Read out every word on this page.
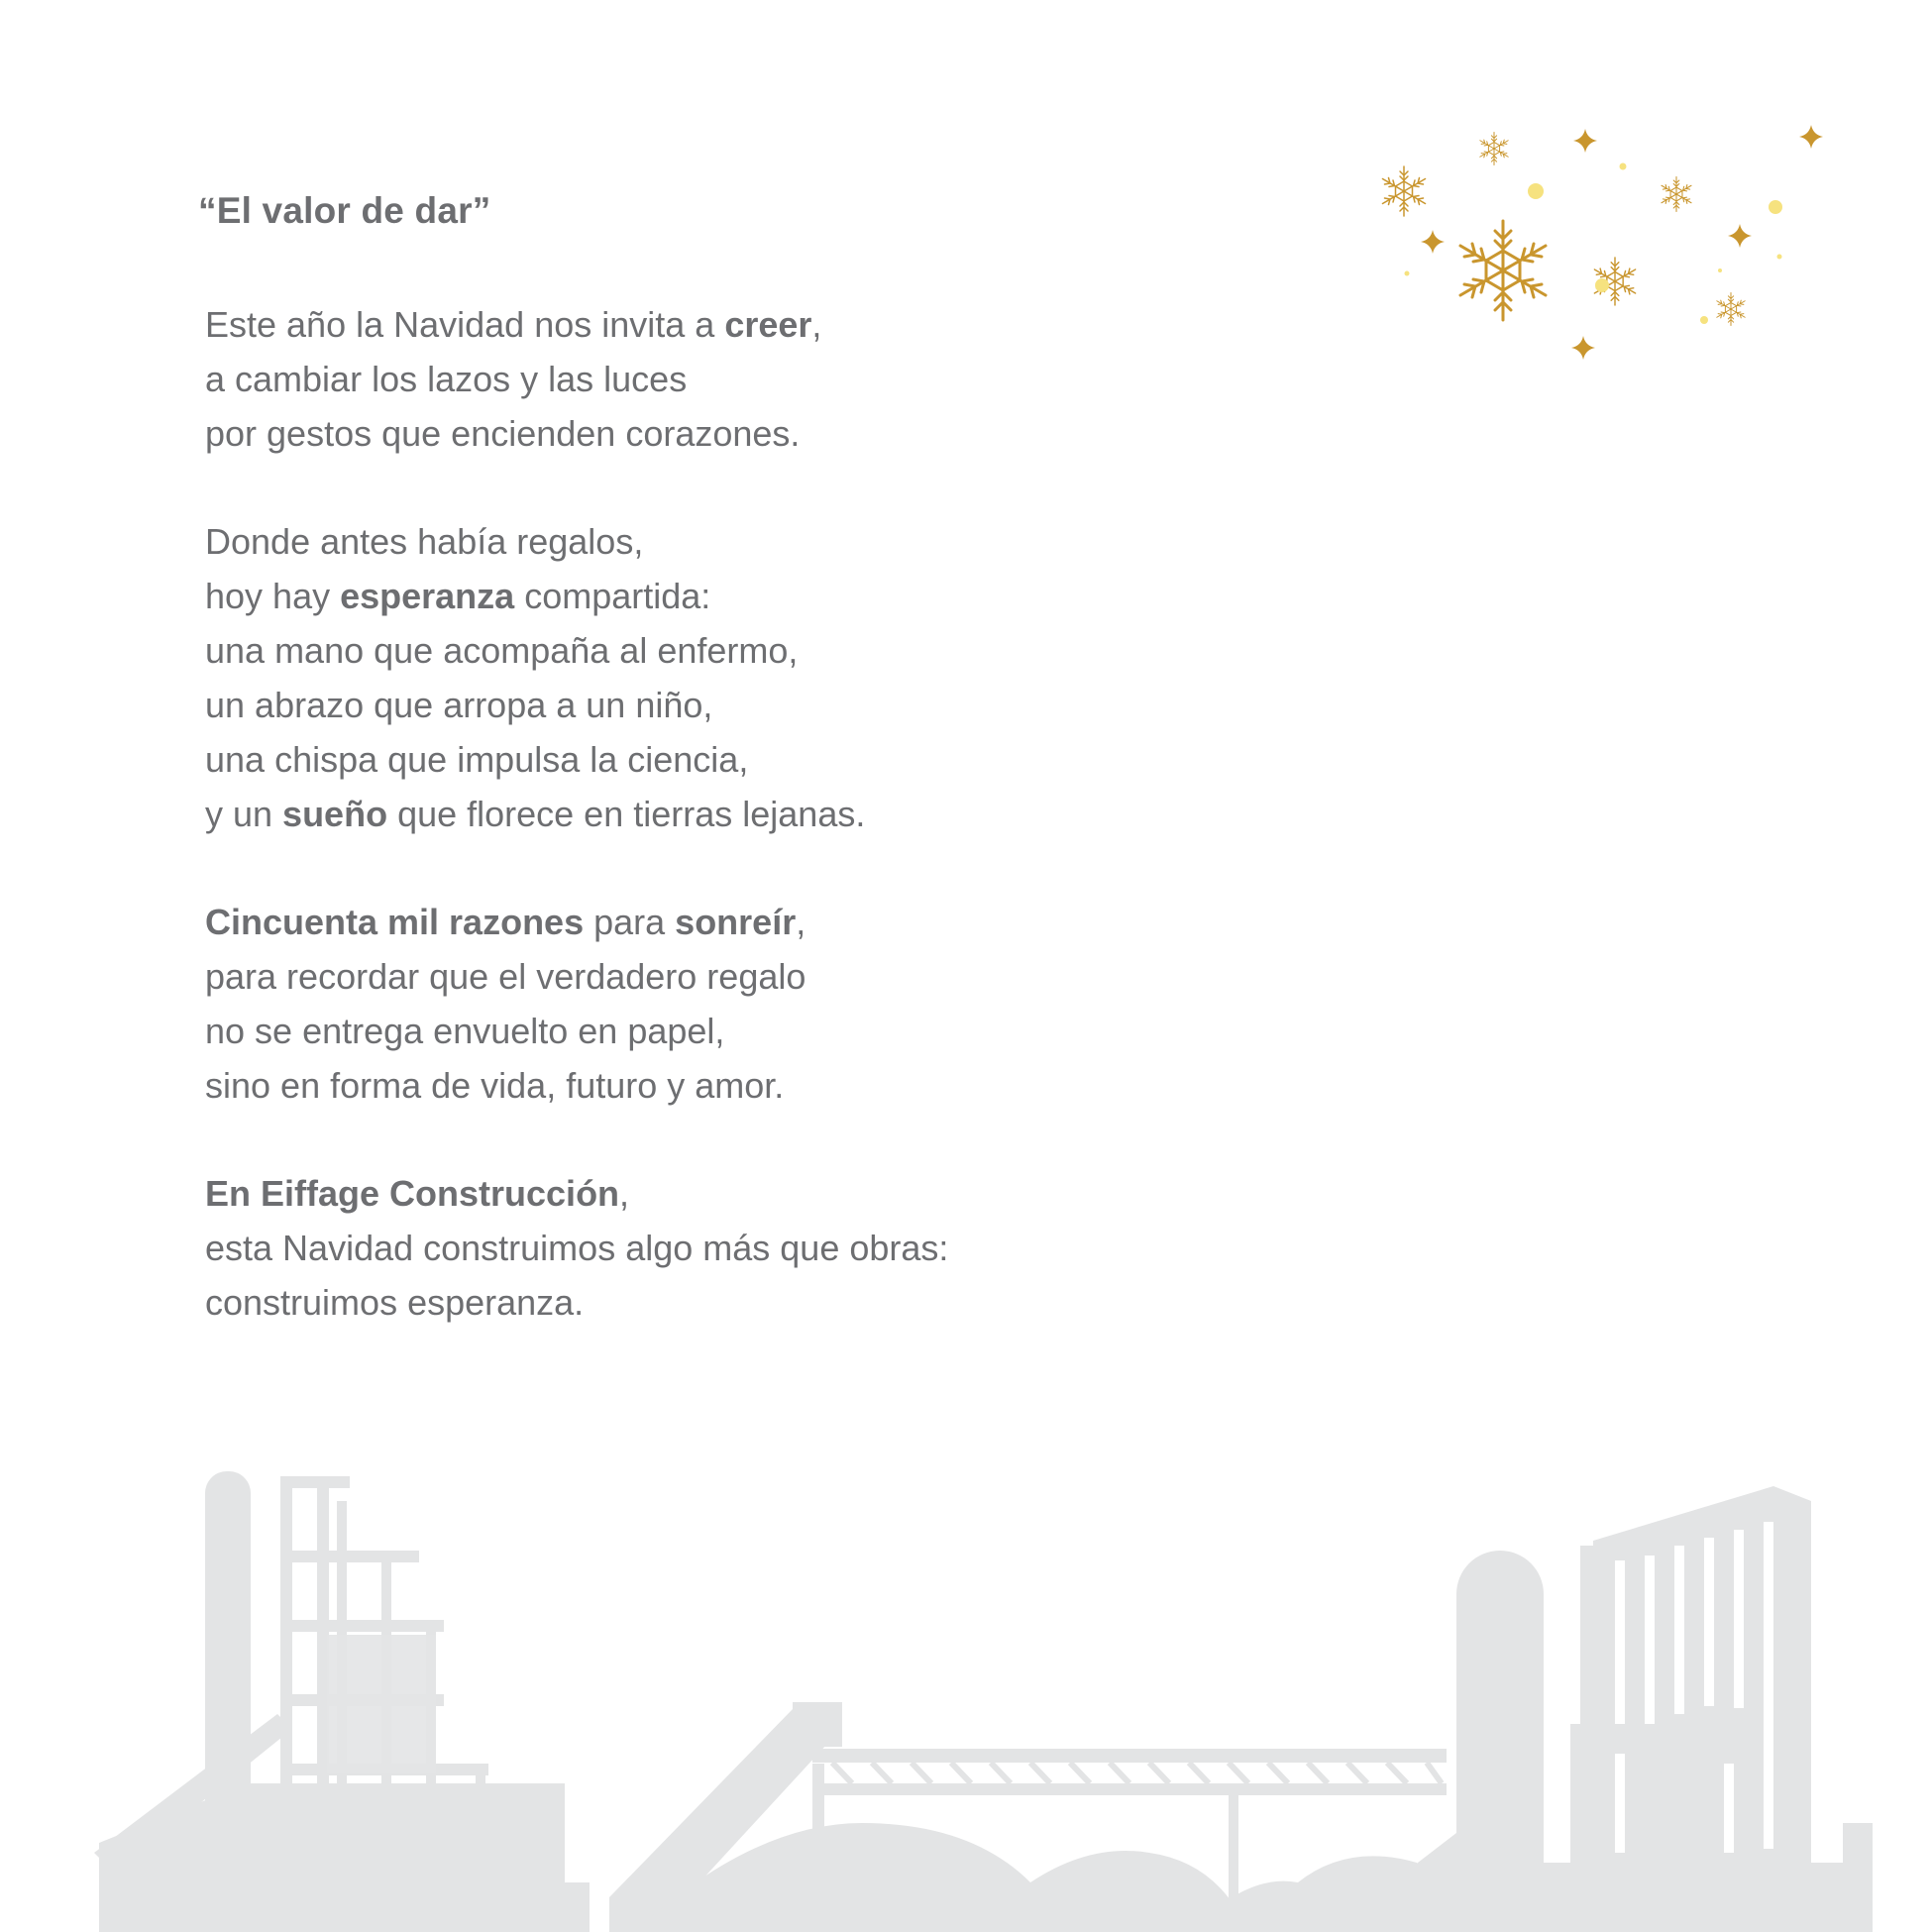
“El valor de dar”
Este año la Navidad nos invita a creer,
a cambiar los lazos y las luces
por gestos que encienden corazones.
Donde antes había regalos,
hoy hay esperanza compartida:
una mano que acompaña al enfermo,
un abrazo que arropa a un niño,
una chispa que impulsa la ciencia,
y un sueño que florece en tierras lejanas.
Cincuenta mil razones para sonreír,
para recordar que el verdadero regalo
no se entrega envuelto en papel,
sino en forma de vida, futuro y amor.
En Eiffage Construcción,
esta Navidad construimos algo más que obras:
construimos esperanza.
